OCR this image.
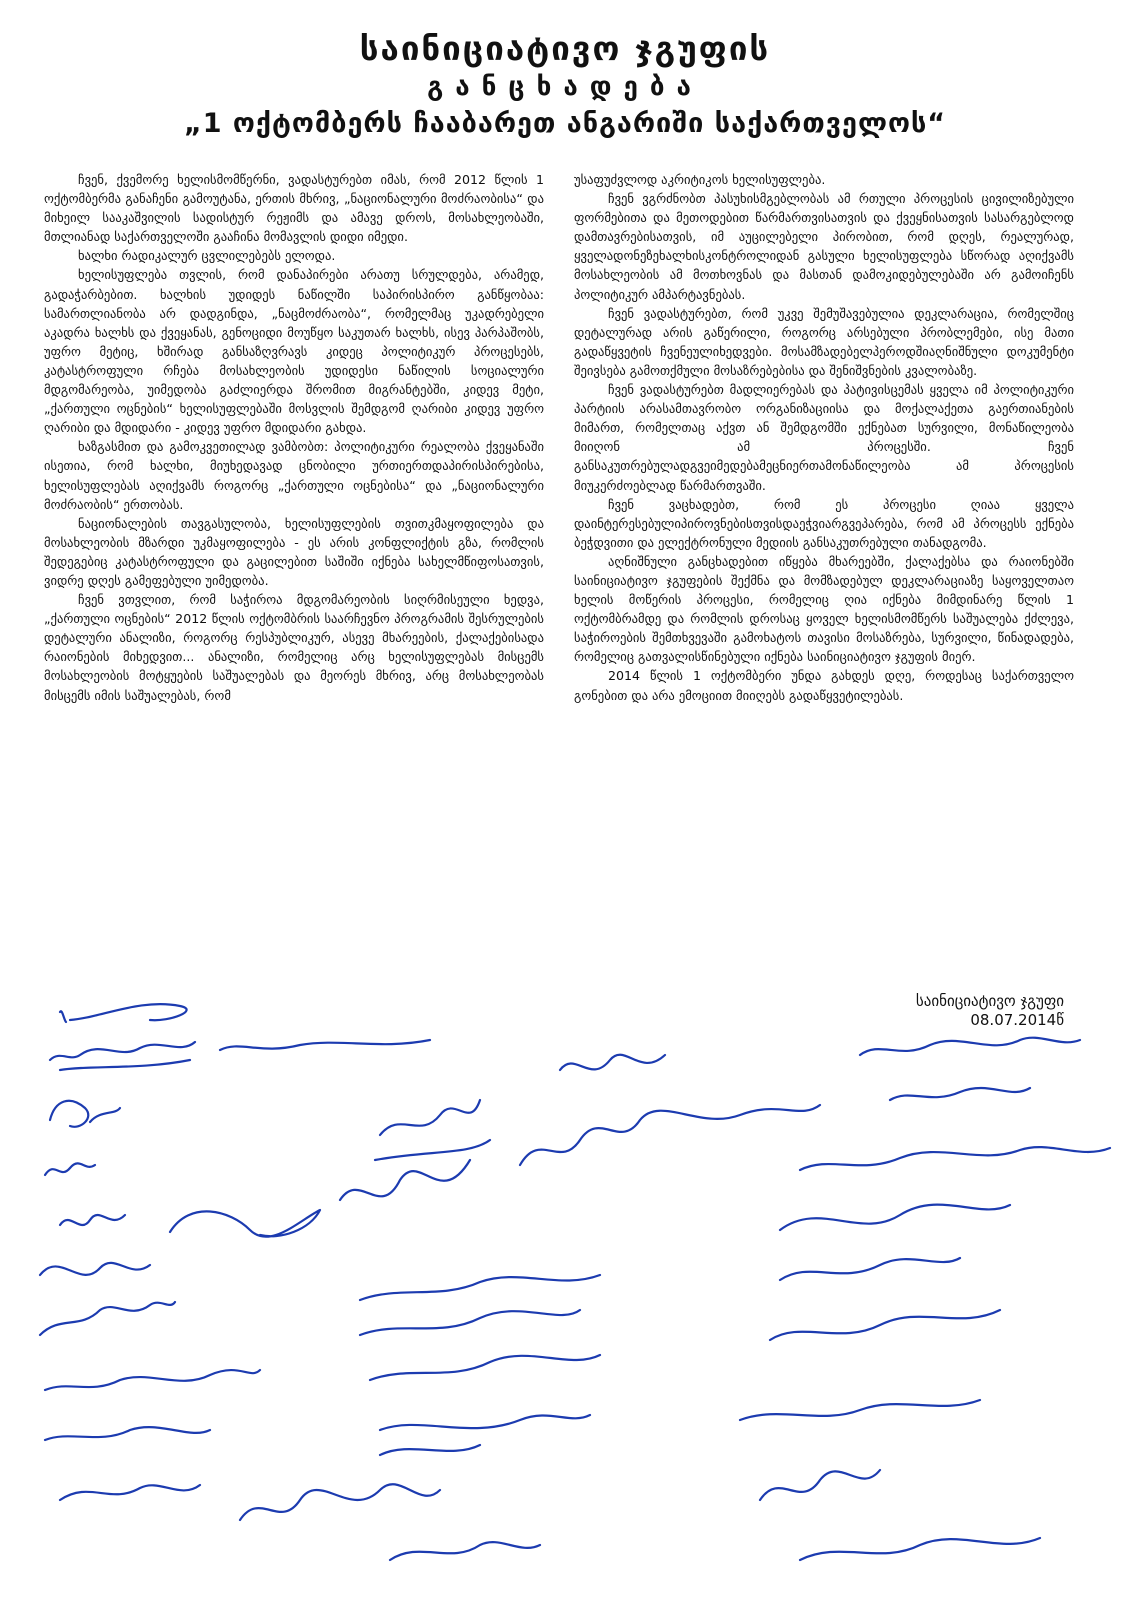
საინიციატივო ჯგუფის
განცხადება
„1 ოქტომბერს ჩააბარეთ ანგარიში საქართველოს“

ჩვენ, ქვემორე ხელისმომწერნი, ვადასტურებთ იმას, რომ 2012 წლის 1 ოქტომბერმა განაჩენი გამოუტანა, ერთის მხრივ, „ნაციონალური მოძრაობისა“ და მიხეილ სააკაშვილის სადისტურ რეჟიმს და ამავე დროს, მოსახლეობაში, მთლიანად საქართველოში გააჩინა მომავლის დიდი იმედი.

ხალხი რადიკალურ ცვლილებებს ელოდა.

ხელისუფლება თვლის, რომ დანაპირები არათუ სრულდება, არამედ, გადაჭარბებით. ხალხის უდიდეს ნაწილში საპირისპირო განწყობაა: სამართლიანობა არ დადგინდა, „ნაცმოძრაობა“, რომელმაც უკადრებელი აკადრა ხალხს და ქვეყანას, გენოციდი მოუწყო საკუთარ ხალხს, ისევ პარპაშობს, უფრო მეტიც, ხშირად განსაზღვრავს კიდეც პოლიტიკურ პროცესებს, კატასტროფული რჩება მოსახლეობის უდიდესი ნაწილის სოციალური მდგომარეობა, უიმედობა გაძლიერდა შრომით მიგრანტებში, კიდევ მეტი, „ქართული ოცნების“ ხელისუფლებაში მოსვლის შემდგომ ღარიბი კიდევ უფრო ღარიბი და მდიდარი - კიდევ უფრო მდიდარი გახდა.

ხაზგასმით და გამოკვეთილად ვამბობთ: პოლიტიკური რეალობა ქვეყანაში ისეთია, რომ ხალხი, მიუხედავად ცნობილი ურთიერთდაპირისპირებისა, ხელისუფლებას აღიქვამს როგორც „ქართული ოცნებისა“ და „ნაციონალური მოძრაობის“ ერთობას.

ნაციონალების თავგასულობა, ხელისუფლების თვითკმაყოფილება და მოსახლეობის მზარდი უკმაყოფილება - ეს არის კონფლიქტის გზა, რომლის შედეგებიც კატასტროფული და გაცილებით საშიში იქნება სახელმწიფოსათვის, ვიდრე დღეს გამეფებული უიმედობა.

ჩვენ ვთვლით, რომ საჭიროა მდგომარეობის სიღრმისეული ხედვა, „ქართული ოცნების“ 2012 წლის ოქტომბრის საარჩევნო პროგრამის შესრულების დეტალური ანალიზი, როგორც რესპუბლიკურ, ასევე მხარეების, ქალაქებისადა რაიონების მიხედვით... ანალიზი, რომელიც არც ხელისუფლებას მისცემს მოსახლეობის მოტყუების საშუალებას და მეორეს მხრივ, არც მოსახლეობას მისცემს იმის საშუალებას, რომ

უსაფუძვლოდ აკრიტიკოს ხელისუფლება.

ჩვენ ვგრძნობთ პასუხისმგებლობას ამ რთული პროცესის ცივილიზებული ფორმებითა და მეთოდებით წარმართვისათვის და ქვეყნისათვის სასარგებლოდ დამთავრებისათვის, იმ აუცილებელი პირობით, რომ დღეს, რეალურად, ყველადონეზეხალხისკონტროლიდან გასული ხელისუფლება სწორად აღიქვამს მოსახლეობის ამ მოთხოვნას და მასთან დამოკიდებულებაში არ გამოიჩენს პოლიტიკურ ამპარტავნებას.

ჩვენ ვადასტურებთ, რომ უკვე შემუშავებულია დეკლარაცია, რომელშიც დეტალურად არის გაწერილი, როგორც არსებული პრობლემები, ისე მათი გადაწყვეტის ჩვენეულიხედვები. მოსამზადებელპეროდშიაღნიშნული დოკუმენტი შეივსება გამოთქმული მოსაზრებებისა და შენიშვნების კვალობაზე.

ჩვენ ვადასტურებთ მადლიერებას და პატივისცემას ყველა იმ პოლიტიკური პარტიის არასამთავრობო ორგანიზაციისა და მოქალაქეთა გაერთიანების მიმართ, რომელთაც აქვთ ან შემდგომში ექნებათ სურვილი, მონაწილეობა მიიღონ ამ პროცესში. ჩვენ განსაკუთრებულადგვეიმედებამეცნიერთამონაწილეობა ამ პროცესის მიუკერძოებლად წარმართვაში.

ჩვენ ვაცხადებთ, რომ ეს პროცესი ღიაა ყველა დაინტერესებულიპიროვნებისთვისდაეჭვიარგვეპარება, რომ ამ პროცესს ექნება ბეჭდვითი და ელექტრონული მედიის განსაკუთრებული თანადგომა.

აღნიშნული განცხადებით იწყება მხარეებში, ქალაქებსა და რაიონებში საინიციატივო ჯგუფების შექმნა და მომზადებულ დეკლარაციაზე საყოველთაო ხელის მოწერის პროცესი, რომელიც ღია იქნება მიმდინარე წლის 1 ოქტომბრამდე და რომლის დროსაც ყოველ ხელისმომწერს საშუალება ქძლევა, საჭიროების შემთხვევაში გამოხატოს თავისი მოსაზრება, სურვილი, წინადადება, რომელიც გათვალისწინებული იქნება საინიციატივო ჯგუფის მიერ.

2014 წლის 1 ოქტომბერი უნდა გახდეს დღე, როდესაც საქართველო გონებით და არა ემოციით მიიღებს გადაწყვეტილებას.

საინიციატივო ჯგუფი
08.07.2014წ
